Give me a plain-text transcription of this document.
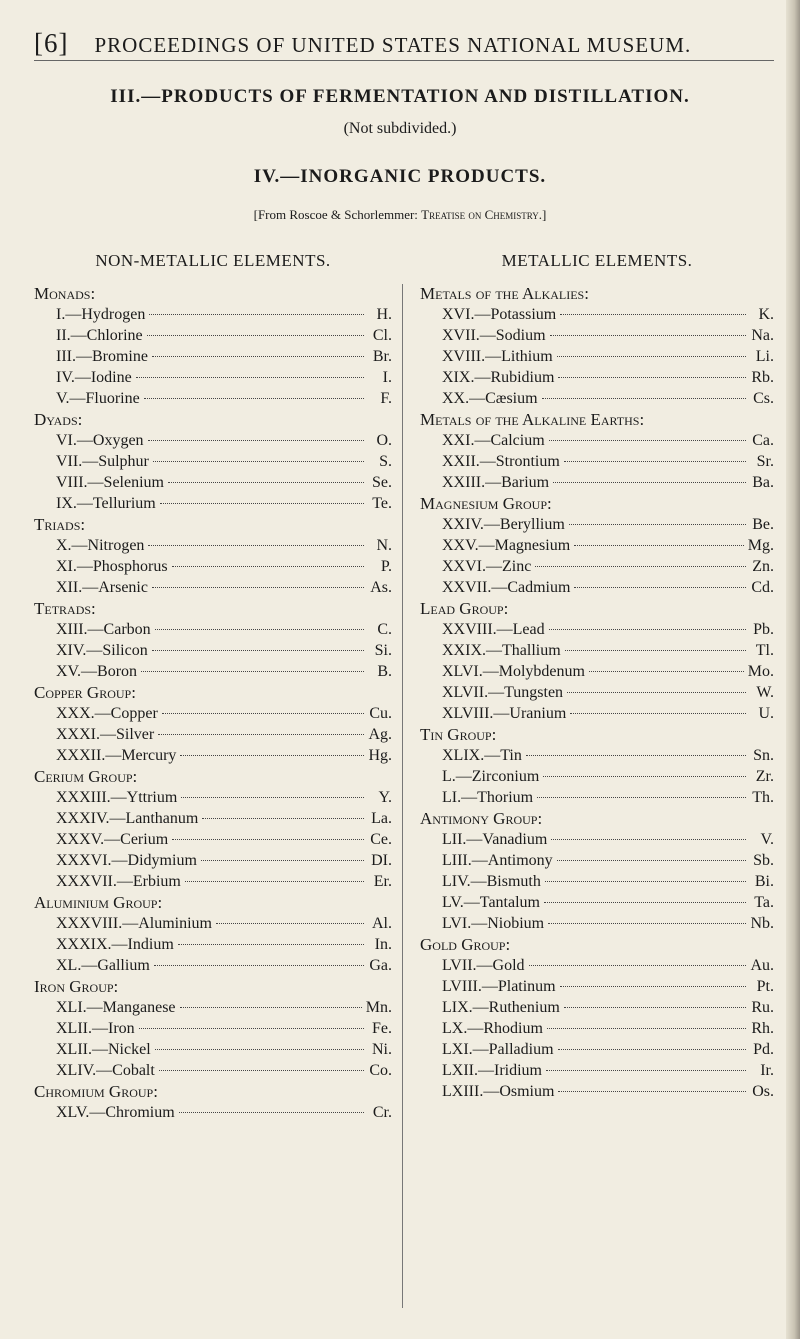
[6] PROCEEDINGS OF UNITED STATES NATIONAL MUSEUM.
III.—PRODUCTS OF FERMENTATION AND DISTILLATION.
(Not subdivided.)
IV.—INORGANIC PRODUCTS.
[From Roscoe & Schorlemmer: Treatise on Chemistry.]
NON-METALLIC ELEMENTS.
Monads:
I.—Hydrogen	H.
II.—Chlorine	Cl.
III.—Bromine	Br.
IV.—Iodine	I.
V.—Fluorine	F.
Dyads:
VI.—Oxygen	O.
VII.—Sulphur	S.
VIII.—Selenium	Se.
IX.—Tellurium	Te.
Triads:
X.—Nitrogen	N.
XI.—Phosphorus	P.
XII.—Arsenic	As.
Tetrads:
XIII.—Carbon	C.
XIV.—Silicon	Si.
XV.—Boron	B.
Copper Group:
XXX.—Copper	Cu.
XXXI.—Silver	Ag.
XXXII.—Mercury	Hg.
Cerium Group:
XXXIII.—Yttrium	Y.
XXXIV.—Lanthanum	La.
XXXV.—Cerium	Ce.
XXXVI.—Didymium	DI.
XXXVII.—Erbium	Er.
Aluminium Group:
XXXVIII.—Aluminium	Al.
XXXIX.—Indium	In.
XL.—Gallium	Ga.
Iron Group:
XLI.—Manganese	Mn.
XLII.—Iron	Fe.
XLII.—Nickel	Ni.
XLIV.—Cobalt	Co.
Chromium Group:
XLV.—Chromium	Cr.
METALLIC ELEMENTS.
Metals of the Alkalies:
XVI.—Potassium	K.
XVII.—Sodium	Na.
XVIII.—Lithium	Li.
XIX.—Rubidium	Rb.
XX.—Cæsium	Cs.
Metals of the Alkaline Earths:
XXI.—Calcium	Ca.
XXII.—Strontium	Sr.
XXIII.—Barium	Ba.
Magnesium Group:
XXIV.—Beryllium	Be.
XXV.—Magnesium	Mg.
XXVI.—Zinc	Zn.
XXVII.—Cadmium	Cd.
Lead Group:
XXVIII.—Lead	Pb.
XXIX.—Thallium	Tl.
XLVI.—Molybdenum	Mo.
XLVII.—Tungsten	W.
XLVIII.—Uranium	U.
Tin Group:
XLIX.—Tin	Sn.
L.—Zirconium	Zr.
LI.—Thorium	Th.
Antimony Group:
LII.—Vanadium	V.
LIII.—Antimony	Sb.
LIV.—Bismuth	Bi.
LV.—Tantalum	Ta.
LVI.—Niobium	Nb.
Gold Group:
LVII.—Gold	Au.
LVIII.—Platinum	Pt.
LIX.—Ruthenium	Ru.
LX.—Rhodium	Rh.
LXI.—Palladium	Pd.
LXII.—Iridium	Ir.
LXIII.—Osmium	Os.
